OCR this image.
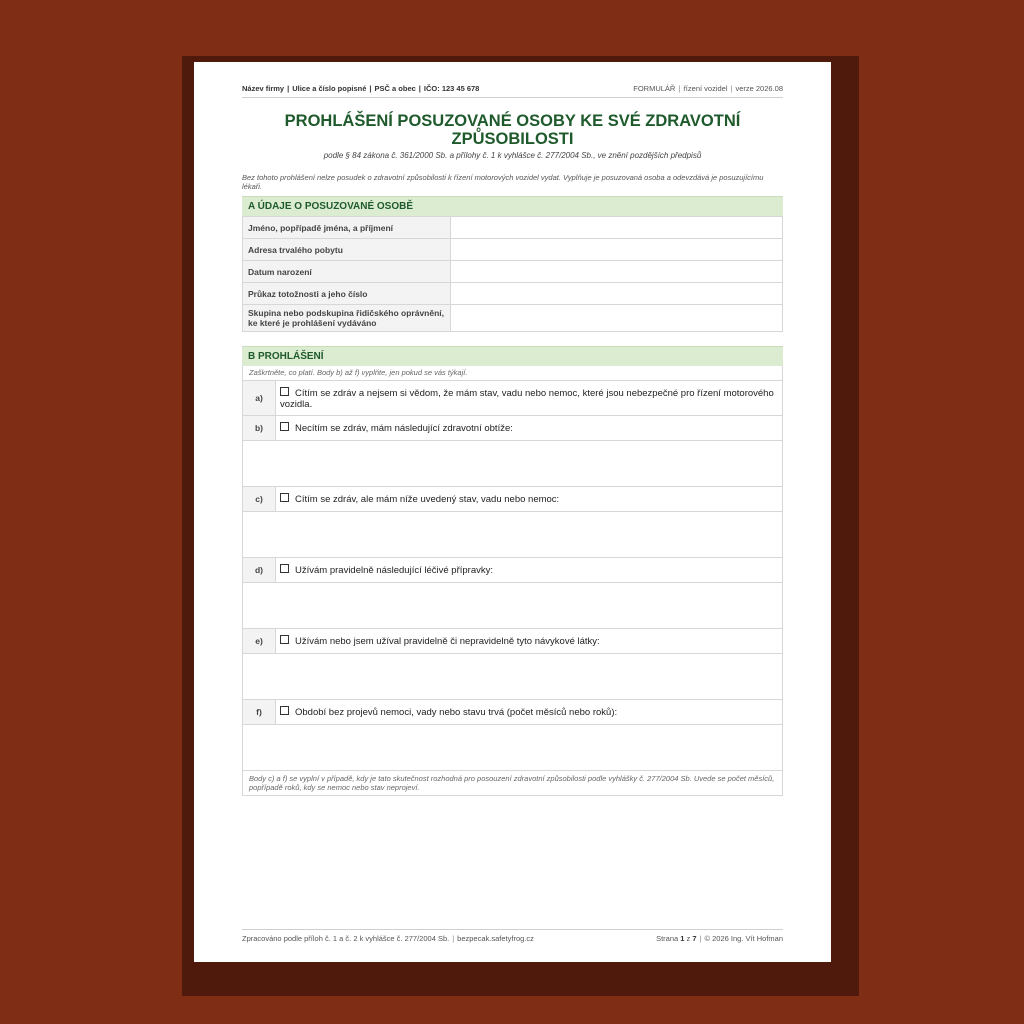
Název firmy | Ulice a číslo popisné | PSČ a obec | IČO: 123 45 678	FORMULÁŘ | řízení vozidel | verze 2026.08
PROHLÁŠENÍ POSUZOVANÉ OSOBY KE SVÉ ZDRAVOTNÍ
ZPŮSOBILOSTI
podle § 84 zákona č. 361/2000 Sb. a přílohy č. 1 k vyhlášce č. 277/2004 Sb., ve znění pozdějších předpisů
Bez tohoto prohlášení nelze posudek o zdravotní způsobilosti k řízení motorových vozidel vydat. Vyplňuje je posuzovaná osoba a odevzdává je posuzujícímu lékaři.
A ÚDAJE O POSUZOVANÉ OSOBĚ
Jméno, popřípadě jména, a příjmení	
Adresa trvalého pobytu	
Datum narození	
Průkaz totožnosti a jeho číslo	
Skupina nebo podskupina řidičského oprávnění, ke které je prohlášení vydáváno	
B PROHLÁŠENÍ
Zaškrtněte, co platí. Body b) až f) vyplňte, jen pokud se vás týkají.
a)	Cítím se zdráv a nejsem si vědom, že mám stav, vadu nebo nemoc, které jsou nebezpečné pro řízení motorového vozidla.
b)	Necítím se zdráv, mám následující zdravotní obtíže:

c)	Cítím se zdráv, ale mám níže uvedený stav, vadu nebo nemoc:

d)	Užívám pravidelně následující léčivé přípravky:

e)	Užívám nebo jsem užíval pravidelně či nepravidelně tyto návykové látky:

f)	Období bez projevů nemoci, vady nebo stavu trvá (počet měsíců nebo roků):

Body c) a f) se vyplní v případě, kdy je tato skutečnost rozhodná pro posouzení zdravotní způsobilosti podle vyhlášky č. 277/2004 Sb. Uvede se počet měsíců, popřípadě roků, kdy se nemoc nebo stav neprojeví.
Zpracováno podle příloh č. 1 a č. 2 k vyhlášce č. 277/2004 Sb. | bezpecak.safetyfrog.cz	Strana 1 z 7 | © 2026 Ing. Vít Hofman
